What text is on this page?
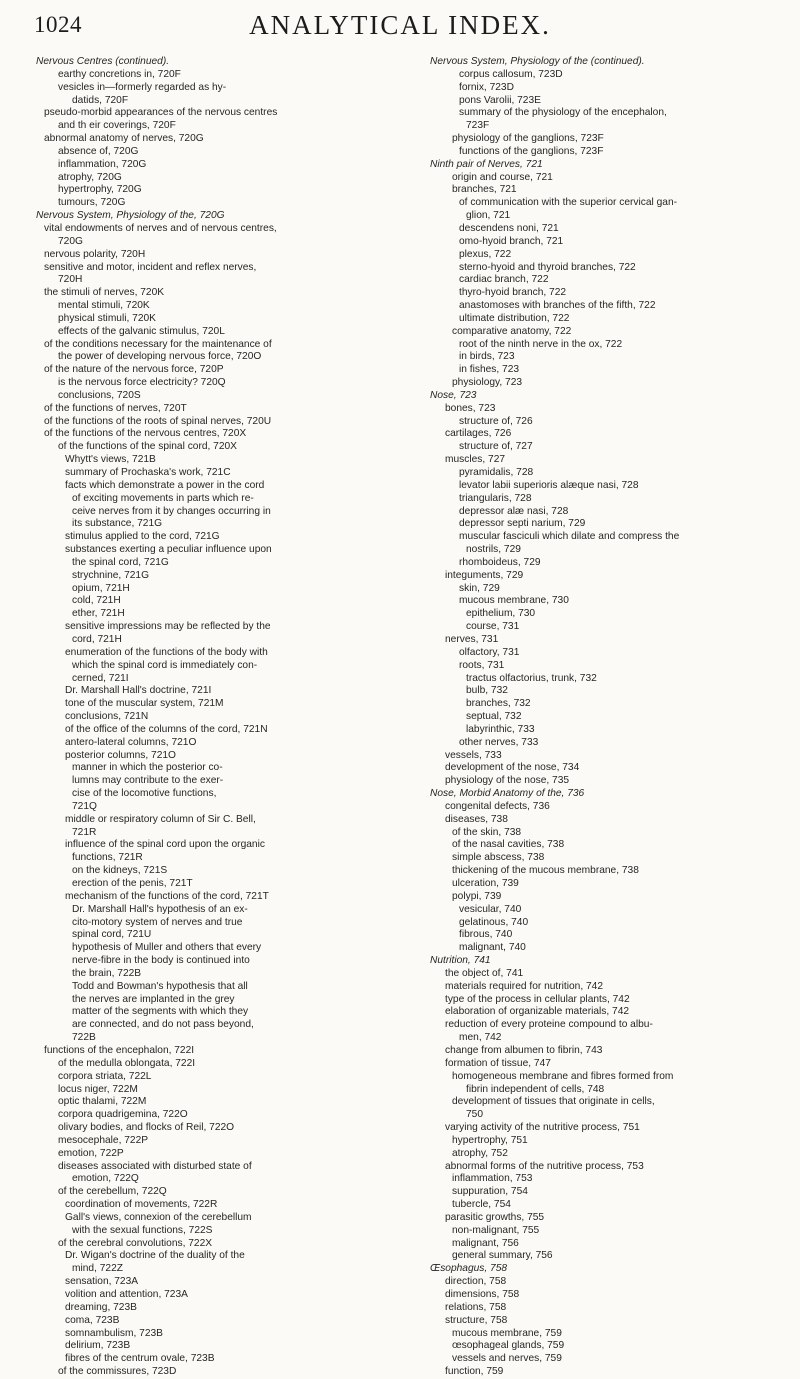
1024	ANALYTICAL INDEX.
Nervous Centres (continued).
earthy concretions in, 720F
vesicles in—formerly regarded as hy-
datids, 720F
pseudo-morbid appearances of the nervous centres
and th eir coverings, 720F
abnormal anatomy of nerves, 720G
absence of, 720G
inflammation, 720G
atrophy, 720G
hypertrophy, 720G
tumours, 720G
Nervous System, Physiology of the, 720G
vital endowments of nerves and of nervous centres,
720G
nervous polarity, 720H
sensitive and motor, incident and reflex nerves,
720H
the stimuli of nerves, 720K
mental stimuli, 720K
physical stimuli, 720K
effects of the galvanic stimulus, 720L
of the conditions necessary for the maintenance of
the power of developing nervous force, 720O
of the nature of the nervous force, 720P
is the nervous force electricity? 720Q
conclusions, 720S
of the functions of nerves, 720T
of the functions of the roots of spinal nerves, 720U
of the functions of the nervous centres, 720X
of the functions of the spinal cord, 720X
Whytt's views, 721B
summary of Prochaska's work, 721C
facts which demonstrate a power in the cord
of exciting movements in parts which re-
ceive nerves from it by changes occurring in
its substance, 721G
stimulus applied to the cord, 721G
substances exerting a peculiar influence upon
the spinal cord, 721G
strychnine, 721G
opium, 721H
cold, 721H
ether, 721H
sensitive impressions may be reflected by the
cord, 721H
enumeration of the functions of the body with
which the spinal cord is immediately con-
cerned, 721I
Dr. Marshall Hall's doctrine, 721I
tone of the muscular system, 721M
conclusions, 721N
of the office of the columns of the cord, 721N
antero-lateral columns, 721O
posterior columns, 721O
manner in which the posterior co-
lumns may contribute to the exer-
cise of the locomotive functions,
721Q
middle or respiratory column of Sir C. Bell,
721R
influence of the spinal cord upon the organic
functions, 721R
on the kidneys, 721S
erection of the penis, 721T
mechanism of the functions of the cord, 721T
Dr. Marshall Hall's hypothesis of an ex-
cito-motory system of nerves and true
spinal cord, 721U
hypothesis of Muller and others that every
nerve-fibre in the body is continued into
the brain, 722B
Todd and Bowman's hypothesis that all
the nerves are implanted in the grey
matter of the segments with which they
are connected, and do not pass beyond,
722B
functions of the encephalon, 722I
of the medulla oblongata, 722I
corpora striata, 722L
locus niger, 722M
optic thalami, 722M
corpora quadrigemina, 722O
olivary bodies, and flocks of Reil, 722O
mesocephale, 722P
emotion, 722P
diseases associated with disturbed state of
emotion, 722Q
of the cerebellum, 722Q
coordination of movements, 722R
Gall's views, connexion of the cerebellum
with the sexual functions, 722S
of the cerebral convolutions, 722X
Dr. Wigan's doctrine of the duality of the
mind, 722Z
sensation, 723A
volition and attention, 723A
dreaming, 723B
coma, 723B
somnambulism, 723B
delirium, 723B
fibres of the centrum ovale, 723B
of the commissures, 723D
Nervous System, Physiology of the (continued).
corpus callosum, 723D
fornix, 723D
pons Varolii, 723E
summary of the physiology of the encephalon,
723F
physiology of the ganglions, 723F
functions of the ganglions, 723F
Ninth pair of Nerves, 721
origin and course, 721
branches, 721
of communication with the superior cervical gan-
glion, 721
descendens noni, 721
omo-hyoid branch, 721
plexus, 722
sterno-hyoid and thyroid branches, 722
cardiac branch, 722
thyro-hyoid branch, 722
anastomoses with branches of the fifth, 722
ultimate distribution, 722
comparative anatomy, 722
root of the ninth nerve in the ox, 722
in birds, 723
in fishes, 723
physiology, 723
Nose, 723
bones, 723
structure of, 726
cartilages, 726
structure of, 727
muscles, 727
pyramidalis, 728
levator labii superioris alæque nasi, 728
triangularis, 728
depressor alæ nasi, 728
depressor septi narium, 729
muscular fasciculi which dilate and compress the
nostrils, 729
rhomboideus, 729
integuments, 729
skin, 729
mucous membrane, 730
epithelium, 730
course, 731
nerves, 731
olfactory, 731
roots, 731
tractus olfactorius, trunk, 732
bulb, 732
branches, 732
septual, 732
labyrinthic, 733
other nerves, 733
vessels, 733
development of the nose, 734
physiology of the nose, 735
Nose, Morbid Anatomy of the, 736
congenital defects, 736
diseases, 738
of the skin, 738
of the nasal cavities, 738
simple abscess, 738
thickening of the mucous membrane, 738
ulceration, 739
polypi, 739
vesicular, 740
gelatinous, 740
fibrous, 740
malignant, 740
Nutrition, 741
the object of, 741
materials required for nutrition, 742
type of the process in cellular plants, 742
elaboration of organizable materials, 742
reduction of every proteine compound to albu-
men, 742
change from albumen to fibrin, 743
formation of tissue, 747
homogeneous membrane and fibres formed from
fibrin independent of cells, 748
development of tissues that originate in cells,
750
varying activity of the nutritive process, 751
hypertrophy, 751
atrophy, 752
abnormal forms of the nutritive process, 753
inflammation, 753
suppuration, 754
tubercle, 754
parasitic growths, 755
non-malignant, 755
malignant, 756
general summary, 756
Œsophagus, 758
direction, 758
dimensions, 758
relations, 758
structure, 758
mucous membrane, 759
œsophageal glands, 759
vessels and nerves, 759
function, 759
